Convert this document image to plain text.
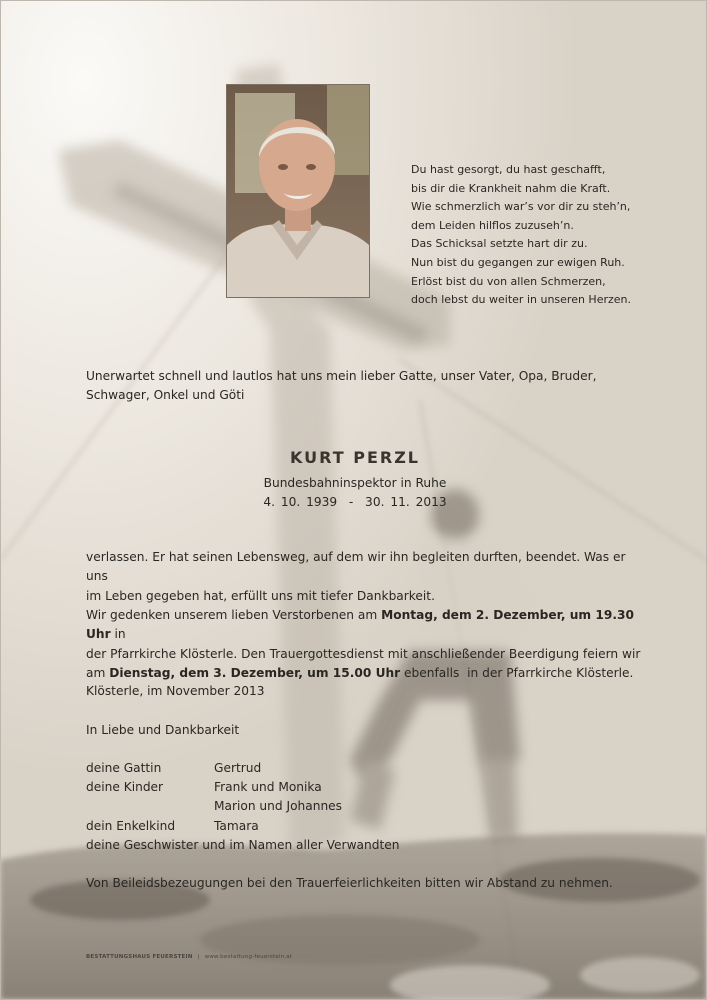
Du hast gesorgt, du hast geschafft,
bis dir die Krankheit nahm die Kraft.
Wie schmerzlich war’s vor dir zu steh’n,
dem Leiden hilflos zuzuseh’n.
Das Schicksal setzte hart dir zu.
Nun bist du gegangen zur ewigen Ruh.
Erlöst bist du von allen Schmerzen,
doch lebst du weiter in unseren Herzen.
Unerwartet schnell und lautlos hat uns mein lieber Gatte, unser Vater, Opa, Bruder,
Schwager, Onkel und Göti
KURT PERZL
Bundesbahninspektor in Ruhe
4. 10. 1939  -  30. 11. 2013
verlassen. Er hat seinen Lebensweg, auf dem wir ihn begleiten durften, beendet. Was er uns
im Leben gegeben hat, erfüllt uns mit tiefer Dankbarkeit.
Wir gedenken unserem lieben Verstorbenen am Montag, dem 2. Dezember, um 19.30 Uhr in
der Pfarrkirche Klösterle. Den Trauergottesdienst mit anschließender Beerdigung feiern wir
am Dienstag, dem 3. Dezember, um 15.00 Uhr ebenfalls  in der Pfarrkirche Klösterle.
Klösterle, im November 2013
In Liebe und Dankbarkeit
deine Gattin	Gertrud
deine Kinder	Frank und Monika
Marion und Johannes
dein Enkelkind	Tamara
deine Geschwister und im Namen aller Verwandten
Von Beileidsbezeugungen bei den Trauerfeierlichkeiten bitten wir Abstand zu nehmen.
BESTATTUNGSHAUS FEUERSTEIN | www.bestattung-feuerstein.at
